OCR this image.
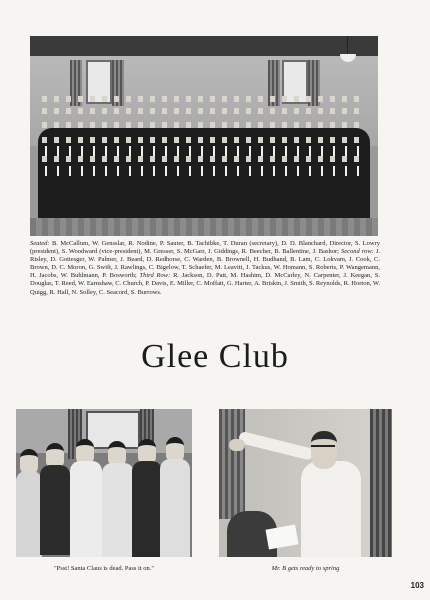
Seated: B. McCallum, W. Gensslar, R. Nodine, P. Sauter, B. Tachibke, T. Duran (secretary), D. D. Blanchard, Director, S. Lowry (president), S. Woodward (vice-president), M. Gresser, S. McGarr, J. Giddings, R. Beecher, B. Ballentine, J. Bashor; Second row: J. Risley, D. Gottesger, W. Palmer, J. Beard, D. Redhorse, C. Warden, B. Brownell, H. Budhand, B. Lam, C. Lokvam, J. Cook, C. Brown, D. C. Moron, G. Swift, J. Rawlings, C. Bigelow, T. Schaefer, M. Leavitt, J. Tackus, W. Homann, S. Roberts, P. Wangemann, H. Jacobs, W. Buhlmann, P. Bosworth; Third Row: R. Jackson, D. Patt, M. Hashim, D. McCarley, N. Carpenter, J. Keegan, S. Douglas, T. Reed, W. Earnshaw, C. Church, P. Davis, E. Miller, C. Moffatt, G. Harter, A. Briskin, J. Smith, S. Reynolds, R. Horton, W. Quigg, R. Hall, N. Solley, C. Seacord, S. Burrows.

Glee Club

"Psst! Santa Claus is dead. Pass it on."	Mr. B gets ready to spring

103
